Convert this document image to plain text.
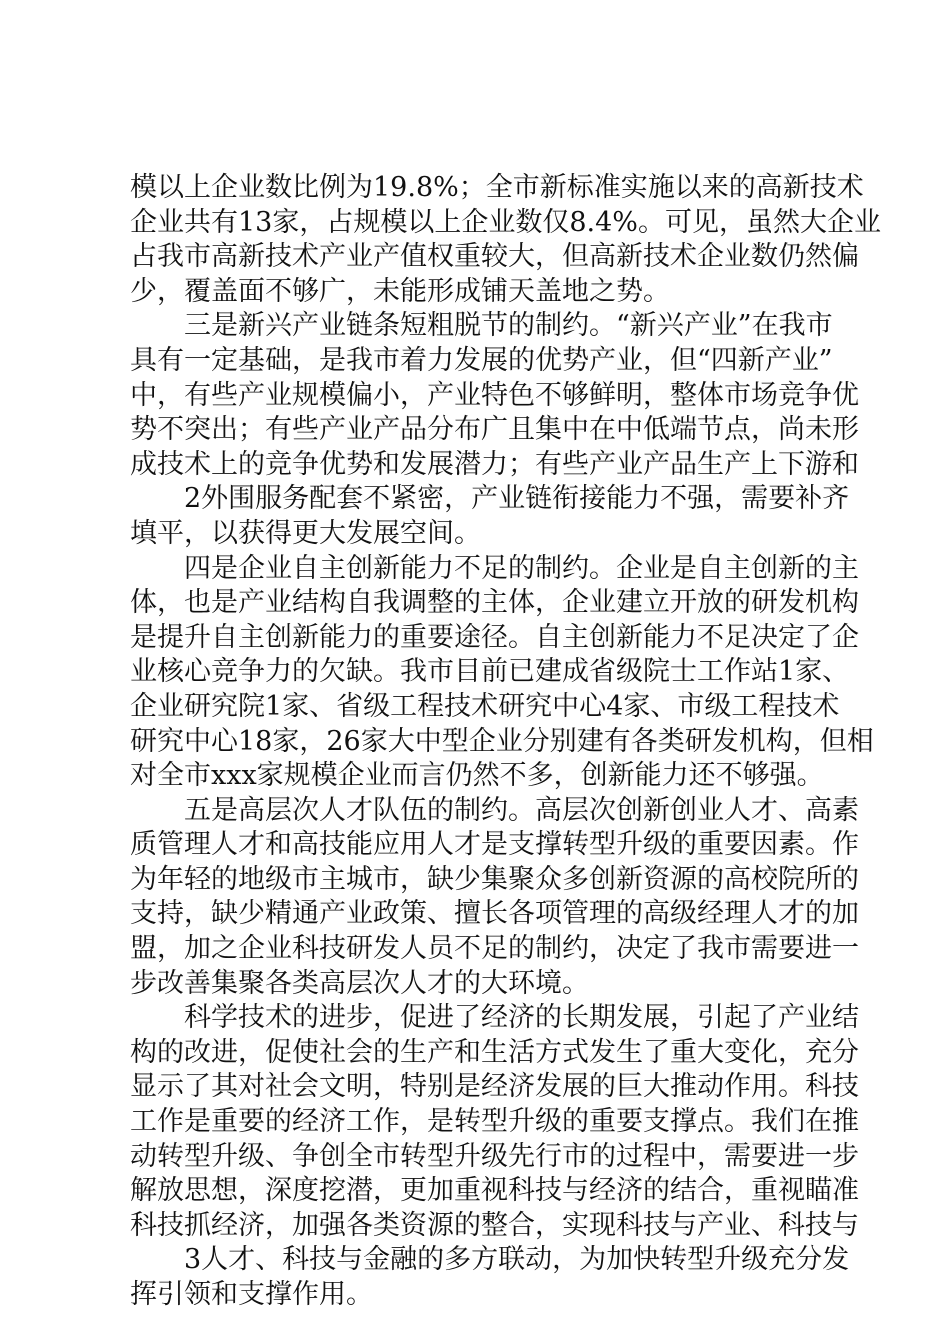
模以上企业数比例为19.8%；全市新标准实施以来的高新技术
企业共有13家，占规模以上企业数仅8.4%。可见，虽然大企业
占我市高新技术产业产值权重较大，但高新技术企业数仍然偏
少，覆盖面不够广，未能形成铺天盖地之势。
三是新兴产业链条短粗脱节的制约。“新兴产业”在我市
具有一定基础，是我市着力发展的优势产业，但“四新产业”
中，有些产业规模偏小，产业特色不够鲜明，整体市场竞争优
势不突出；有些产业产品分布广且集中在中低端节点，尚未形
成技术上的竞争优势和发展潜力；有些产业产品生产上下游和
2外围服务配套不紧密，产业链衔接能力不强，需要补齐
填平，以获得更大发展空间。
四是企业自主创新能力不足的制约。企业是自主创新的主
体，也是产业结构自我调整的主体，企业建立开放的研发机构
是提升自主创新能力的重要途径。自主创新能力不足决定了企
业核心竞争力的欠缺。我市目前已建成省级院士工作站1家、
企业研究院1家、省级工程技术研究中心4家、市级工程技术
研究中心18家，26家大中型企业分别建有各类研发机构，但相
对全市xxx家规模企业而言仍然不多，创新能力还不够强。
五是高层次人才队伍的制约。高层次创新创业人才、高素
质管理人才和高技能应用人才是支撑转型升级的重要因素。作
为年轻的地级市主城市，缺少集聚众多创新资源的高校院所的
支持，缺少精通产业政策、擅长各项管理的高级经理人才的加
盟，加之企业科技研发人员不足的制约，决定了我市需要进一
步改善集聚各类高层次人才的大环境。
科学技术的进步，促进了经济的长期发展，引起了产业结
构的改进，促使社会的生产和生活方式发生了重大变化，充分
显示了其对社会文明，特别是经济发展的巨大推动作用。科技
工作是重要的经济工作，是转型升级的重要支撑点。我们在推
动转型升级、争创全市转型升级先行市的过程中，需要进一步
解放思想，深度挖潜，更加重视科技与经济的结合，重视瞄准
科技抓经济，加强各类资源的整合，实现科技与产业、科技与
3人才、科技与金融的多方联动，为加快转型升级充分发
挥引领和支撑作用。
